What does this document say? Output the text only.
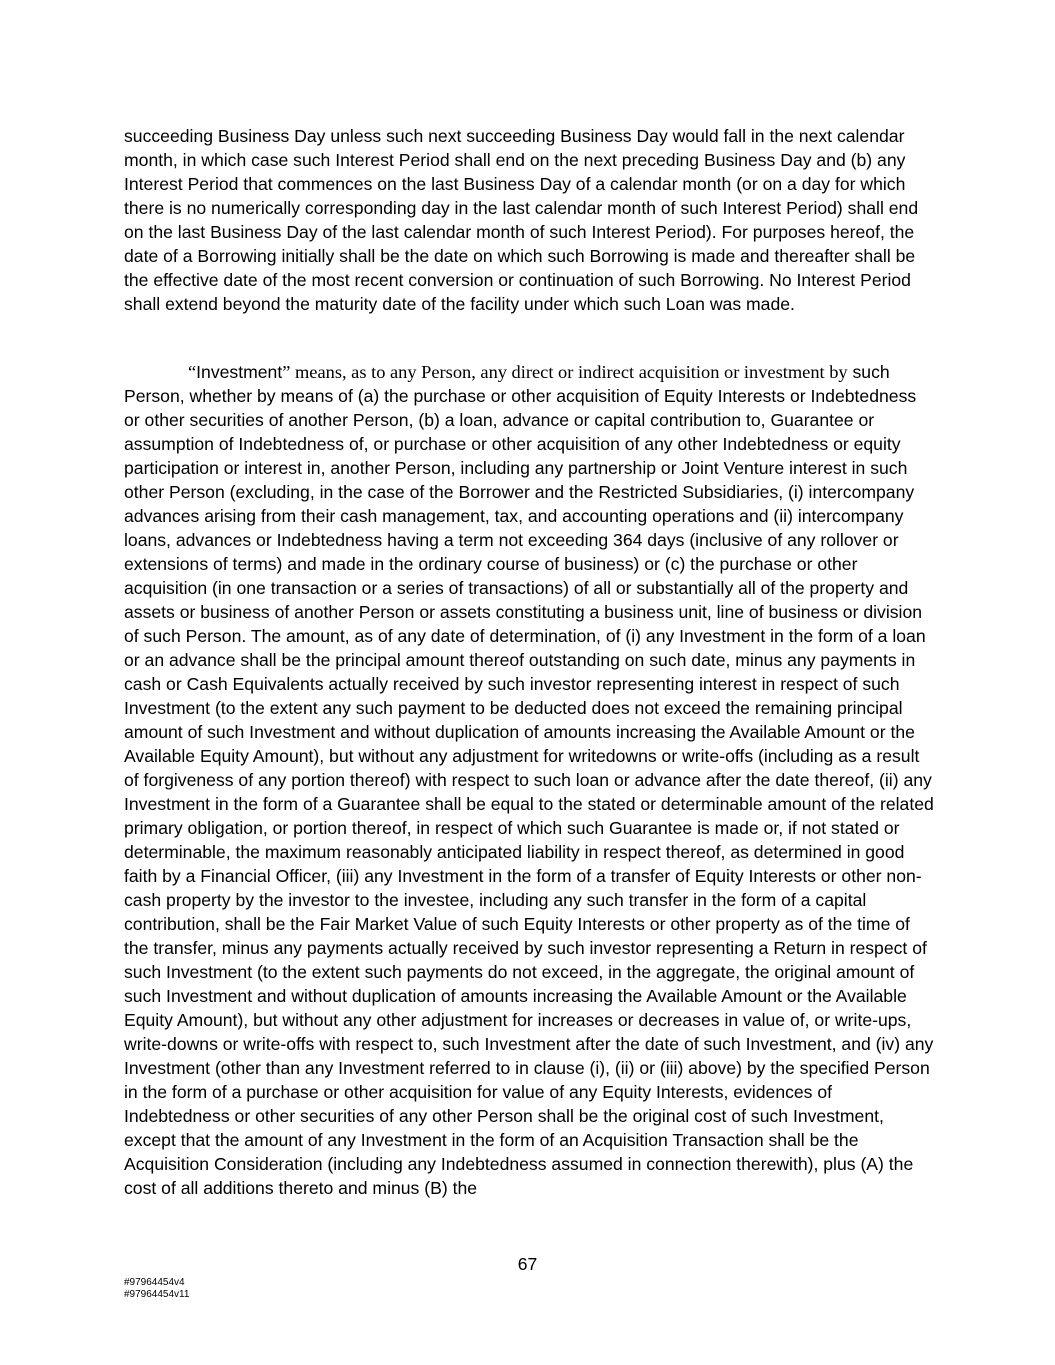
succeeding Business Day unless such next succeeding Business Day would fall in the next calendar month, in which case such Interest Period shall end on the next preceding Business Day and (b) any Interest Period that commences on the last Business Day of a calendar month (or on a day for which there is no numerically corresponding day in the last calendar month of such Interest Period) shall end on the last Business Day of the last calendar month of such Interest Period). For purposes hereof, the date of a Borrowing initially shall be the date on which such Borrowing is made and thereafter shall be the effective date of the most recent conversion or continuation of such Borrowing. No Interest Period shall extend beyond the maturity date of the facility under which such Loan was made.
“Investment” means, as to any Person, any direct or indirect acquisition or investment by such Person, whether by means of (a) the purchase or other acquisition of Equity Interests or Indebtedness or other securities of another Person, (b) a loan, advance or capital contribution to, Guarantee or assumption of Indebtedness of, or purchase or other acquisition of any other Indebtedness or equity participation or interest in, another Person, including any partnership or Joint Venture interest in such other Person (excluding, in the case of the Borrower and the Restricted Subsidiaries, (i) intercompany advances arising from their cash management, tax, and accounting operations and (ii) intercompany loans, advances or Indebtedness having a term not exceeding 364 days (inclusive of any rollover or extensions of terms) and made in the ordinary course of business) or (c) the purchase or other acquisition (in one transaction or a series of transactions) of all or substantially all of the property and assets or business of another Person or assets constituting a business unit, line of business or division of such Person. The amount, as of any date of determination, of (i) any Investment in the form of a loan or an advance shall be the principal amount thereof outstanding on such date, minus any payments in cash or Cash Equivalents actually received by such investor representing interest in respect of such Investment (to the extent any such payment to be deducted does not exceed the remaining principal amount of such Investment and without duplication of amounts increasing the Available Amount or the Available Equity Amount), but without any adjustment for writedowns or write-offs (including as a result of forgiveness of any portion thereof) with respect to such loan or advance after the date thereof, (ii) any Investment in the form of a Guarantee shall be equal to the stated or determinable amount of the related primary obligation, or portion thereof, in respect of which such Guarantee is made or, if not stated or determinable, the maximum reasonably anticipated liability in respect thereof, as determined in good faith by a Financial Officer, (iii) any Investment in the form of a transfer of Equity Interests or other non-cash property by the investor to the investee, including any such transfer in the form of a capital contribution, shall be the Fair Market Value of such Equity Interests or other property as of the time of the transfer, minus any payments actually received by such investor representing a Return in respect of such Investment (to the extent such payments do not exceed, in the aggregate, the original amount of such Investment and without duplication of amounts increasing the Available Amount or the Available Equity Amount), but without any other adjustment for increases or decreases in value of, or write-ups, write-downs or write-offs with respect to, such Investment after the date of such Investment, and (iv) any Investment (other than any Investment referred to in clause (i), (ii) or (iii) above) by the specified Person in the form of a purchase or other acquisition for value of any Equity Interests, evidences of Indebtedness or other securities of any other Person shall be the original cost of such Investment, except that the amount of any Investment in the form of an Acquisition Transaction shall be the Acquisition Consideration (including any Indebtedness assumed in connection therewith), plus (A) the cost of all additions thereto and minus (B) the
67
#97964454v4
#97964454v11
